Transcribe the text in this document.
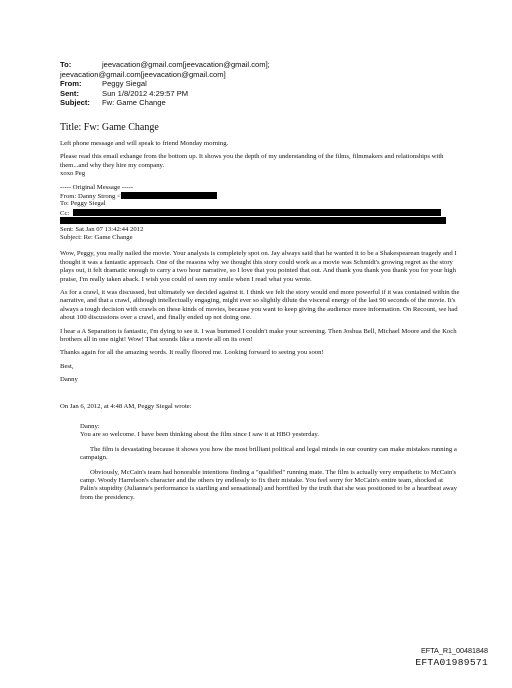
To:	jeevacation@gmail.com[jeevacation@gmail.com];
jeevacation@gmail.com[jeevacation@gmail.com]
From:	Peggy Siegal
Sent:	Sun 1/8/2012 4:29:57 PM
Subject: Fw: Game Change
Title: Fw: Game Change

Left phone message and will speak to friend Monday morning.

Please read this email exhange from the bottom up. It shows you the depth of my understanding of the films, filmmakers and relationships with them...and why they hire my company.
xoxo Peg

----- Original Message -----
From: Danny Strong <
To: Peggy Siegal
Cc:
Sent: Sat Jan 07 13:42:44 2012
Subject: Re: Game Change

Wow, Peggy, you really nailed the movie. Your analysis is completely spot on. Jay always said that he wanted it to be a Shakespearean tragedy and I thought it was a fantastic approach. One of the reasons why we thought this story could work as a movie was Schmidt's growing regret as the story plays out, it felt dramatic enough to carry a two hour narrative, so I love that you pointed that out. And thank you thank you thank you for your high praise, I'm really taken aback. I wish you could of seen my smile when I read what you wrote.

As for a crawl, it was discussed, but ultimately we decided against it. I think we felt the story would end more powerful if it was contained within the narrative, and that a crawl, although intellectually engaging, might ever so slightly dilute the visceral energy of the last 90 seconds of the movie. It's always a tough decision with crawls on these kinds of movies, because you want to keep giving the audience more information. On Recount, we had about 100 discussions over a crawl, and finally ended up not doing one.

I hear a A Separation is fantastic, I'm dying to see it. I was bummed I couldn't make your screening. Then Joshua Bell, Michael Moore and the Koch brothers all in one night! Wow! That sounds like a movie all on its own!

Thanks again for all the amazing words. It really floored me. Looking forward to seeing you soon!

Best,

Danny

On Jan 6, 2012, at 4:48 AM, Peggy Siegal wrote:

Danny:

You are so welcome. I have been thinking about the film since I saw it at HBO yesterday.

The film is devastating because it shows you how the most brilliant political and legal minds in our country can make mistakes running a campaign.

Obviously, McCain's team had honorable intentions finding a "qualified" running mate. The film is actually very empathetic to McCain's camp. Woody Harrelson's character and the others try endlessly to fix their mistake. You feel sorry for McCain's entire team, shocked at Palin's stupidity (Julianne's performance is startling and sensational) and horrified by the truth that she was positioned to be a heartbeat away from the presidency.

EFTA_R1_00481848
EFTA01989571
